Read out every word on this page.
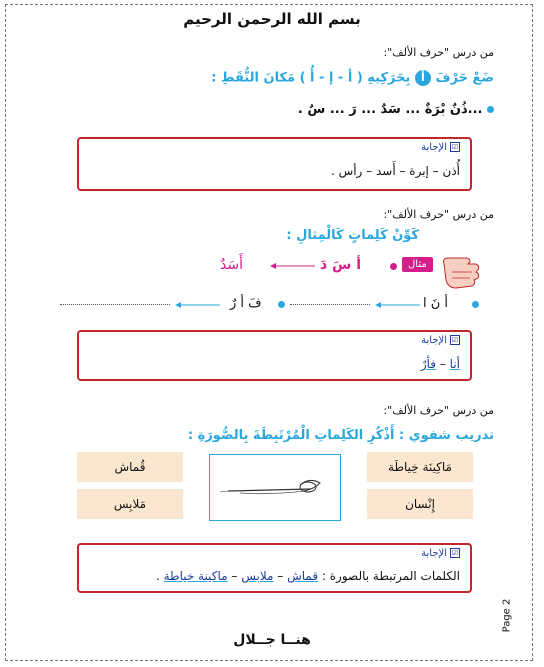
بسم الله الرحمن الرحيم
من درس "حرف الألف":
ضَعْ حَرْفَ أ بِحَرَكِيهِ ( أ - إ - أُ ) مَكانَ النُّقَطِ :
...ذُنٌ بْرَةٌ ... سَدٌ ... رَ ... سٌ .
☑الإجابة
أُذن – إبرة – أَسد – رأس .
من درس "حرف الألف":
كَوِّنْ كَلِماتٍ كَالْمِثالِ :
أَسَدٌ	أ سَ دَ	مثال
فَ أ رٌ	أ نَ ا
☑الإجابة
أنا – فأرٌ
من درس "حرف الألف":
تدريب شفوي : أَذْكُرِ الكَلِماتِ الْمُرْتَبِطَةَ بِالصُّورَةِ :
مَاكِينَة خِياطَة
إِنْسان
قُماش
مَلابِس
☑الإجابة
الكلمات المرتبطة بالصورة : قماش – ملابس – ماكينة خياطة .
Page 2
هنــا جــلال
